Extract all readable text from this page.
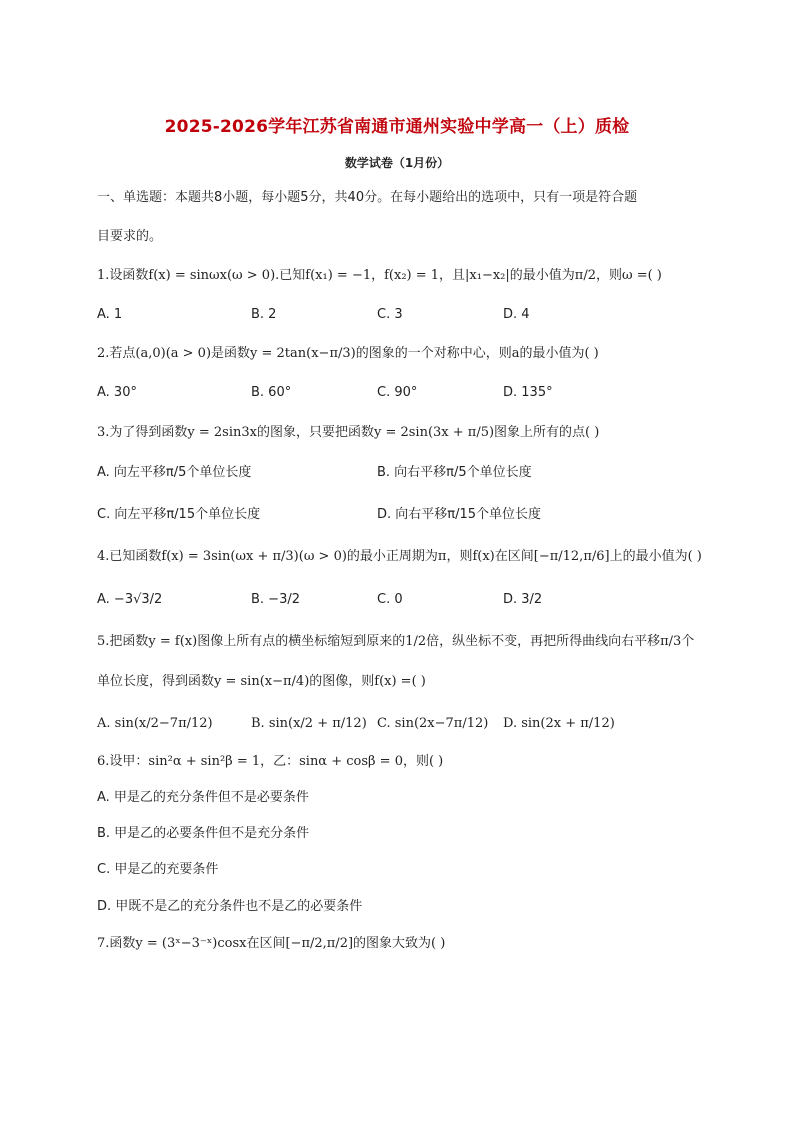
2025-2026学年江苏省南通市通州实验中学高一（上）质检
数学试卷（1月份）
一、单选题：本题共8小题，每小题5分，共40分。在每小题给出的选项中，只有一项是符合题
目要求的。
1.设函数f(x) = sinωx(ω > 0).已知f(x₁) = −1，f(x₂) = 1，且|x₁−x₂|的最小值为π/2，则ω =( )
A. 1	B. 2	C. 3	D. 4
2.若点(a,0)(a > 0)是函数y = 2tan(x−π/3)的图象的一个对称中心，则a的最小值为( )
A. 30°	B. 60°	C. 90°	D. 135°
3.为了得到函数y = 2sin3x的图象，只要把函数y = 2sin(3x + π/5)图象上所有的点( )
A. 向左平移π/5个单位长度	B. 向右平移π/5个单位长度
C. 向左平移π/15个单位长度	D. 向右平移π/15个单位长度
4.已知函数f(x) = 3sin(ωx + π/3)(ω > 0)的最小正周期为π，则f(x)在区间[−π/12,π/6]上的最小值为( )
A. −3√3/2	B. −3/2	C. 0	D. 3/2
5.把函数y = f(x)图像上所有点的横坐标缩短到原来的1/2倍，纵坐标不变，再把所得曲线向右平移π/3个
单位长度，得到函数y = sin(x−π/4)的图像，则f(x) =( )
A. sin(x/2−7π/12)	B. sin(x/2 + π/12) C. sin(2x−7π/12) D. sin(2x + π/12)
6.设甲：sin²α + sin²β = 1，乙：sinα + cosβ = 0，则( )
A. 甲是乙的充分条件但不是必要条件
B. 甲是乙的必要条件但不是充分条件
C. 甲是乙的充要条件
D. 甲既不是乙的充分条件也不是乙的必要条件
7.函数y = (3ˣ−3⁻ˣ)cosx在区间[−π/2,π/2]的图象大致为( )
